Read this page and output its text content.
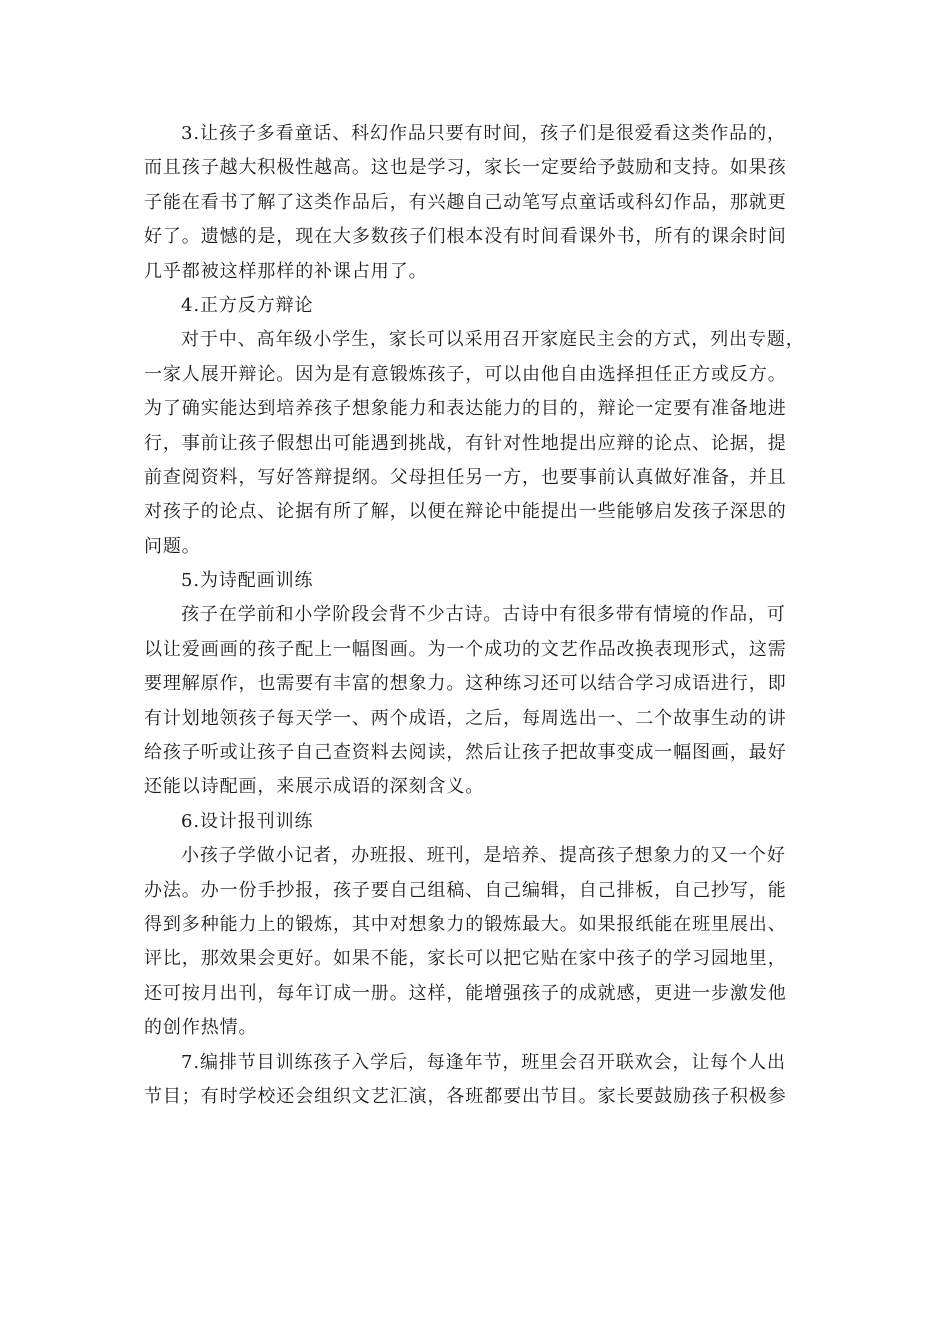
3.让孩子多看童话、科幻作品只要有时间，孩子们是很爱看这类作品的，
而且孩子越大积极性越高。这也是学习，家长一定要给予鼓励和支持。如果孩
子能在看书了解了这类作品后，有兴趣自己动笔写点童话或科幻作品，那就更
好了。遗憾的是，现在大多数孩子们根本没有时间看课外书，所有的课余时间
几乎都被这样那样的补课占用了。
4.正方反方辩论
对于中、高年级小学生，家长可以采用召开家庭民主会的方式，列出专题，
一家人展开辩论。因为是有意锻炼孩子，可以由他自由选择担任正方或反方。
为了确实能达到培养孩子想象能力和表达能力的目的，辩论一定要有准备地进
行，事前让孩子假想出可能遇到挑战，有针对性地提出应辩的论点、论据，提
前查阅资料，写好答辩提纲。父母担任另一方，也要事前认真做好准备，并且
对孩子的论点、论据有所了解，以便在辩论中能提出一些能够启发孩子深思的
问题。
5.为诗配画训练
孩子在学前和小学阶段会背不少古诗。古诗中有很多带有情境的作品，可
以让爱画画的孩子配上一幅图画。为一个成功的文艺作品改换表现形式，这需
要理解原作，也需要有丰富的想象力。这种练习还可以结合学习成语进行，即
有计划地领孩子每天学一、两个成语，之后，每周选出一、二个故事生动的讲
给孩子听或让孩子自己查资料去阅读，然后让孩子把故事变成一幅图画，最好
还能以诗配画，来展示成语的深刻含义。
6.设计报刊训练
小孩子学做小记者，办班报、班刊，是培养、提高孩子想象力的又一个好
办法。办一份手抄报，孩子要自己组稿、自己编辑，自己排板，自己抄写，能
得到多种能力上的锻炼，其中对想象力的锻炼最大。如果报纸能在班里展出、
评比，那效果会更好。如果不能，家长可以把它贴在家中孩子的学习园地里，
还可按月出刊，每年订成一册。这样，能增强孩子的成就感，更进一步激发他
的创作热情。
7.编排节目训练孩子入学后，每逢年节，班里会召开联欢会，让每个人出
节目；有时学校还会组织文艺汇演，各班都要出节目。家长要鼓励孩子积极参
